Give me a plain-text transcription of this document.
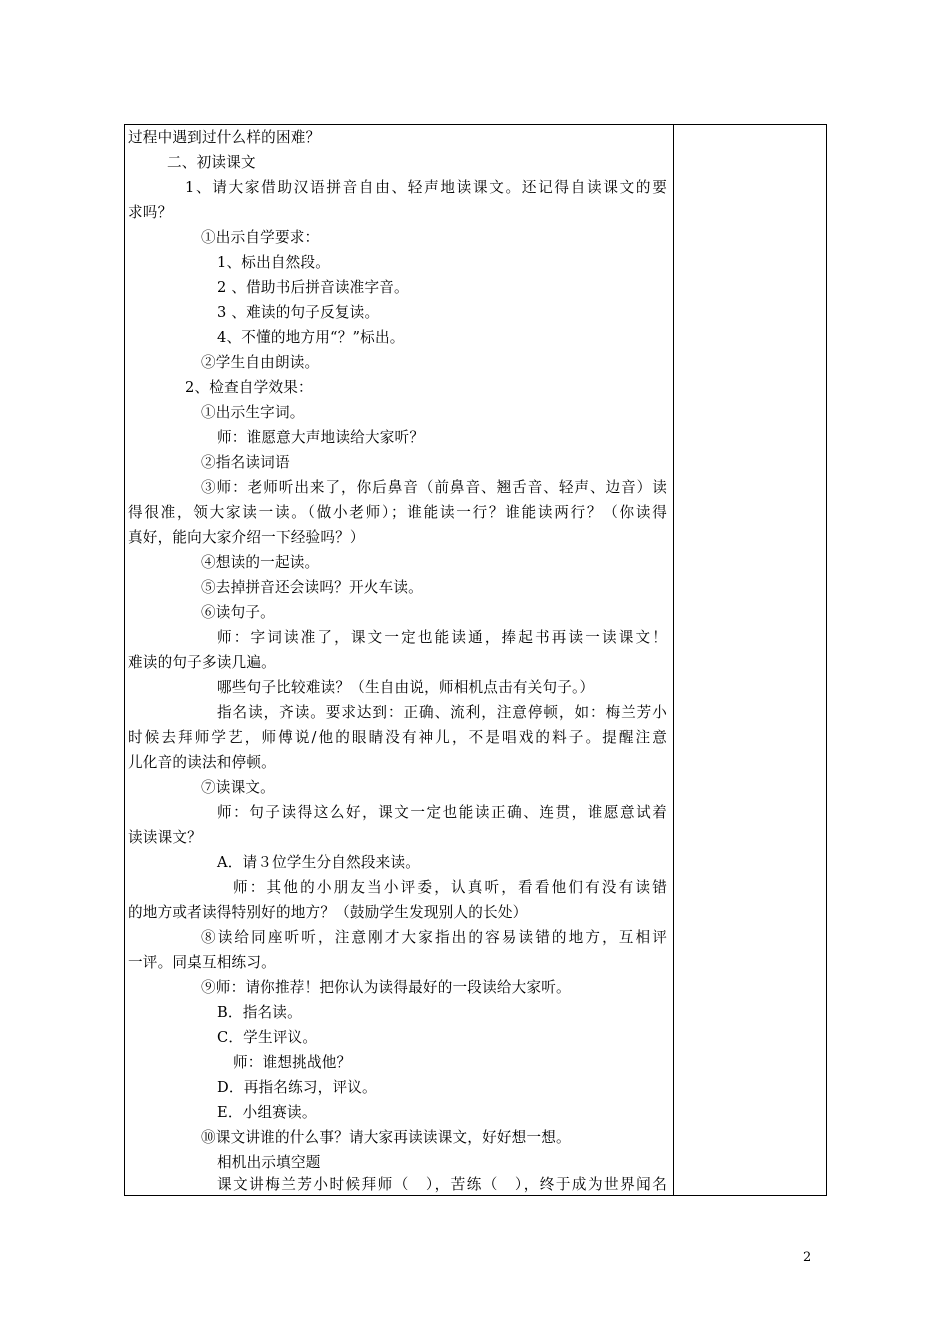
过程中遇到过什么样的困难？
二、初读课文
1、请大家借助汉语拼音自由、轻声地读课文。还记得自读课文的要
求吗？
①出示自学要求：
1、标出自然段。
2 、借助书后拼音读准字音。
3 、难读的句子反复读。
4、不懂的地方用“？”标出。
②学生自由朗读。
2、检查自学效果：
①出示生字词。
师：谁愿意大声地读给大家听？
②指名读词语
③师：老师听出来了，你后鼻音（前鼻音、翘舌音、轻声、边音）读
得很准，领大家读一读。（做小老师）；谁能读一行？谁能读两行？（你读得
真好，能向大家介绍一下经验吗？）
④想读的一起读。
⑤去掉拼音还会读吗？开火车读。
⑥读句子。
师：字词读准了，课文一定也能读通，捧起书再读一读课文！
难读的句子多读几遍。
哪些句子比较难读？（生自由说，师相机点击有关句子。）
指名读，齐读。要求达到：正确、流利，注意停顿，如：梅兰芳小
时候去拜师学艺，师傅说/他的眼睛没有神儿，不是唱戏的料子。提醒注意
儿化音的读法和停顿。
⑦读课文。
师：句子读得这么好，课文一定也能读正确、连贯，谁愿意试着
读读课文？
A．请３位学生分自然段来读。
师：其他的小朋友当小评委，认真听，看看他们有没有读错
的地方或者读得特别好的地方？（鼓励学生发现别人的长处）
⑧读给同座听听，注意刚才大家指出的容易读错的地方，互相评
一评。同桌互相练习。
⑨师：请你推荐！把你认为读得最好的一段读给大家听。
B．指名读。
C．学生评议。
师：谁想挑战他？
D．再指名练习，评议。
E．小组赛读。
⑩课文讲谁的什么事？请大家再读读课文，好好想一想。
相机出示填空题
课文讲梅兰芳小时候拜师（　），苦练（　），终于成为世界闻名
2
